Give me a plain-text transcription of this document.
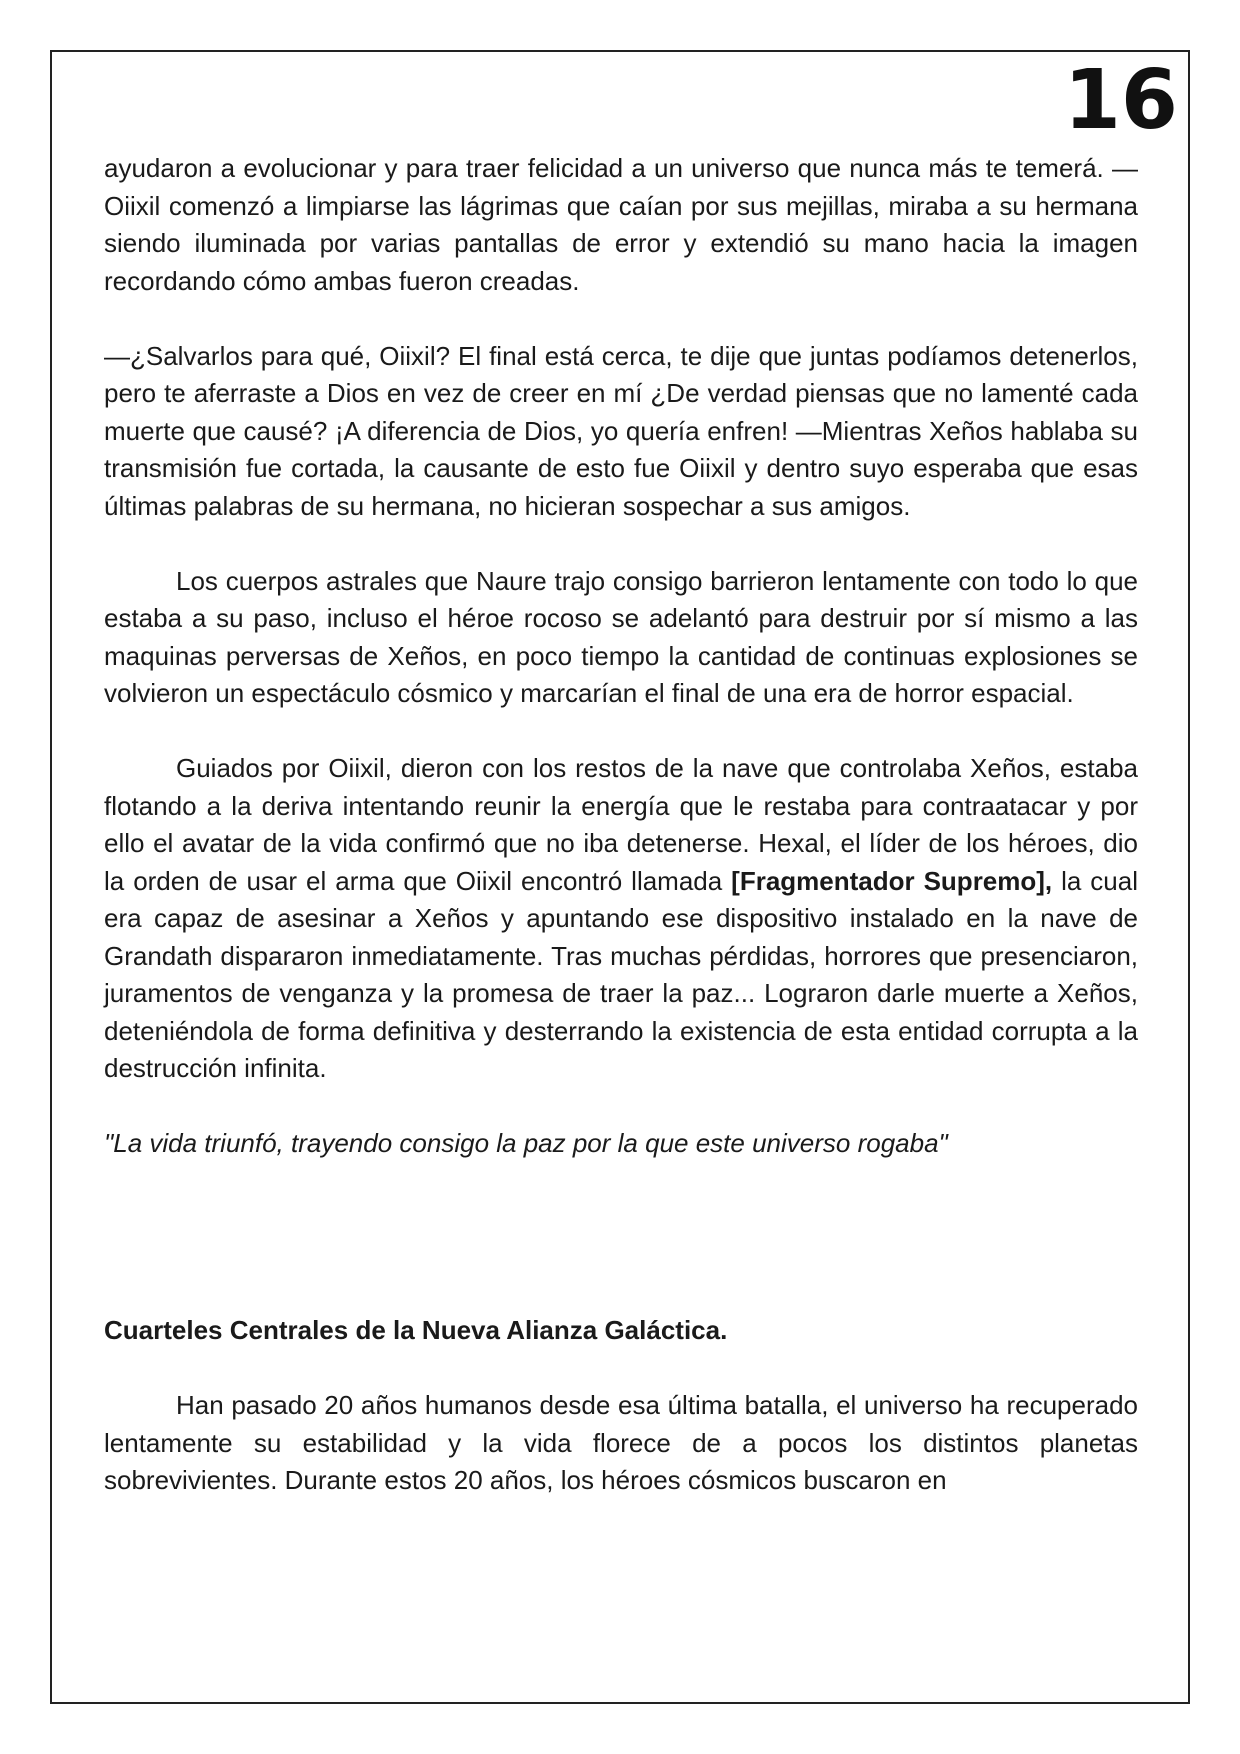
16

ayudaron a evolucionar y para traer felicidad a un universo que nunca más te temerá. —Oiixil comenzó a limpiarse las lágrimas que caían por sus mejillas, miraba a su hermana siendo iluminada por varias pantallas de error y extendió su mano hacia la imagen recordando cómo ambas fueron creadas.

—¿Salvarlos para qué, Oiixil? El final está cerca, te dije que juntas podíamos detenerlos, pero te aferraste a Dios en vez de creer en mí ¿De verdad piensas que no lamenté cada muerte que causé? ¡A diferencia de Dios, yo quería enfren! —Mientras Xeños hablaba su transmisión fue cortada, la causante de esto fue Oiixil y dentro suyo esperaba que esas últimas palabras de su hermana, no hicieran sospechar a sus amigos.

Los cuerpos astrales que Naure trajo consigo barrieron lentamente con todo lo que estaba a su paso, incluso el héroe rocoso se adelantó para destruir por sí mismo a las maquinas perversas de Xeños, en poco tiempo la cantidad de continuas explosiones se volvieron un espectáculo cósmico y marcarían el final de una era de horror espacial.

Guiados por Oiixil, dieron con los restos de la nave que controlaba Xeños, estaba flotando a la deriva intentando reunir la energía que le restaba para contraatacar y por ello el avatar de la vida confirmó que no iba detenerse. Hexal, el líder de los héroes, dio la orden de usar el arma que Oiixil encontró llamada [Fragmentador Supremo], la cual era capaz de asesinar a Xeños y apuntando ese dispositivo instalado en la nave de Grandath dispararon inmediatamente. Tras muchas pérdidas, horrores que presenciaron, juramentos de venganza y la promesa de traer la paz... Lograron darle muerte a Xeños, deteniéndola de forma definitiva y desterrando la existencia de esta entidad corrupta a la destrucción infinita.

"La vida triunfó, trayendo consigo la paz por la que este universo rogaba"

Cuarteles Centrales de la Nueva Alianza Galáctica.

Han pasado 20 años humanos desde esa última batalla, el universo ha recuperado lentamente su estabilidad y la vida florece de a pocos los distintos planetas sobrevivientes. Durante estos 20 años, los héroes cósmicos buscaron en
